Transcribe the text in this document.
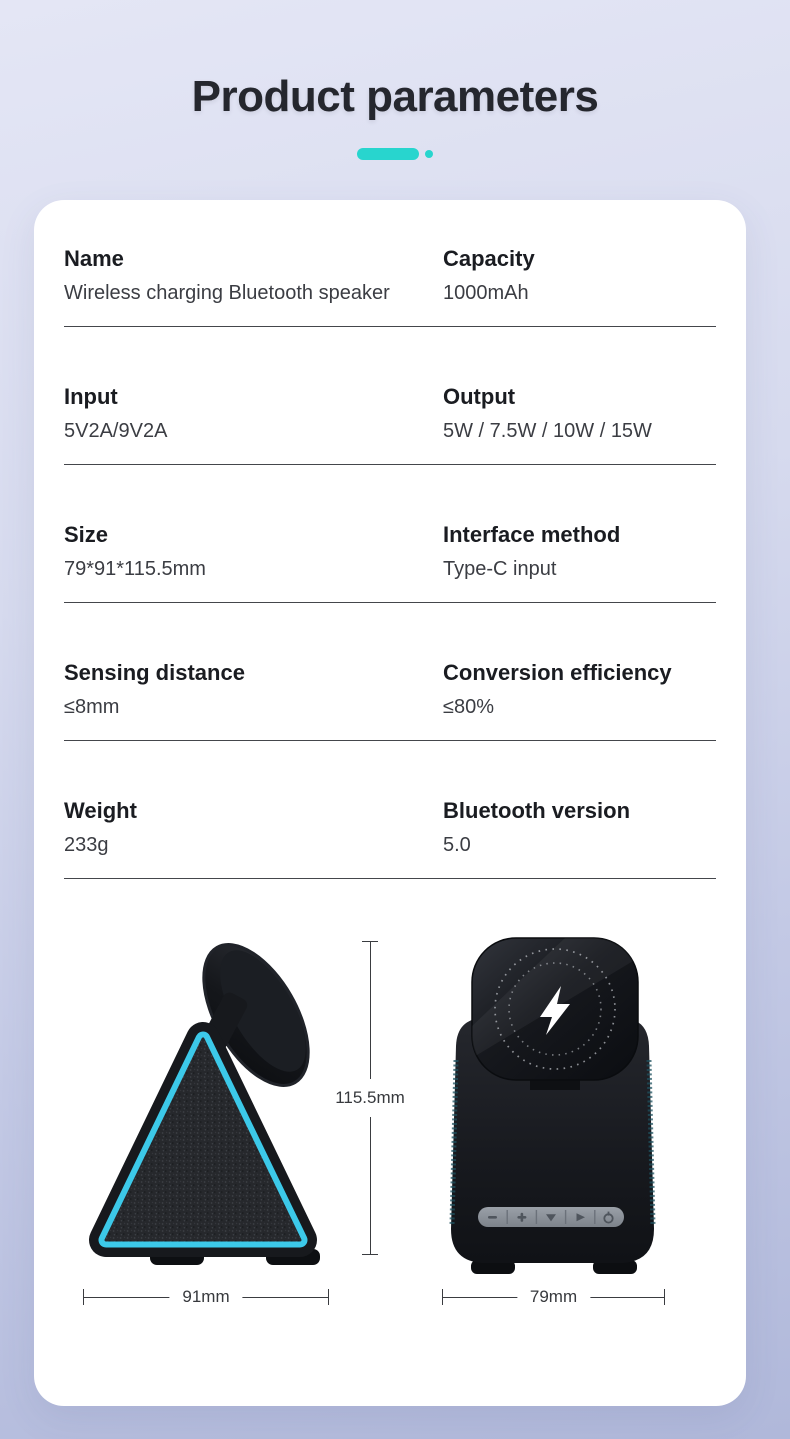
Product parameters
Name
Wireless charging Bluetooth speaker
Capacity
1000mAh
Input
5V2A/9V2A
Output
5W / 7.5W / 10W / 15W
Size
79*91*115.5mm
Interface method
Type-C input
Sensing distance
≤8mm
Conversion efficiency
≤80%
Weight
233g
Bluetooth version
5.0
115.5mm
91mm	79mm
